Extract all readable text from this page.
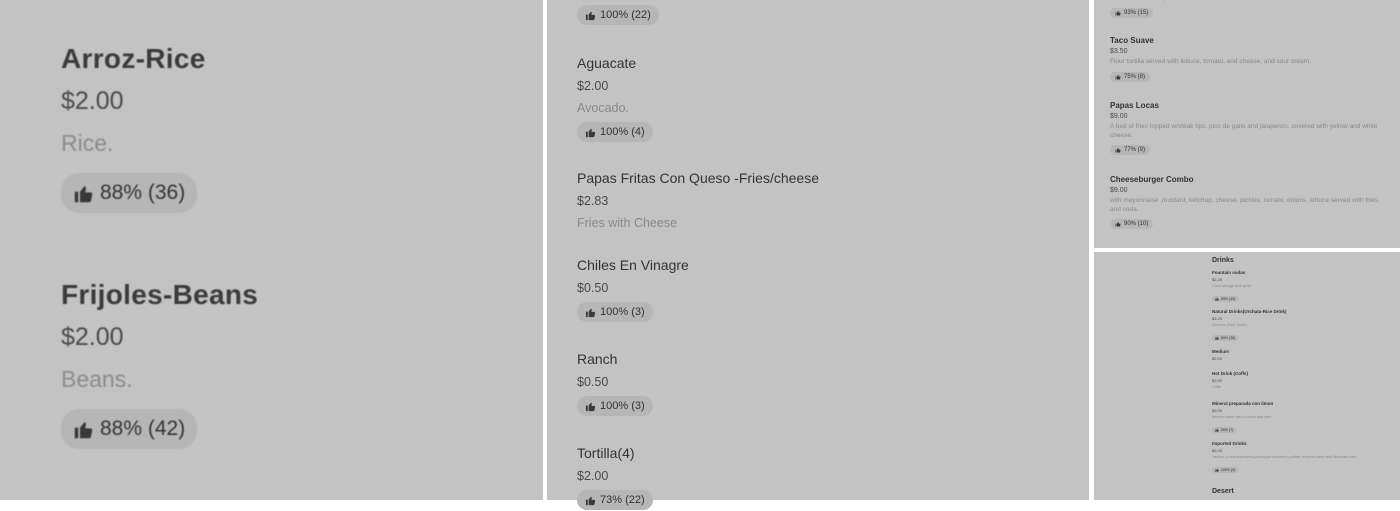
Arroz-Rice
$2.00
Rice.
88% (36)
Frijoles-Beans
$2.00
Beans.
88% (42)
100% (22)
Aguacate
$2.00
Avocado.
100% (4)
Papas Fritas Con Queso -Fries/cheese
$2.83
Fries with Cheese
Chiles En Vinagre
$0.50
100% (3)
Ranch
$0.50
100% (3)
Tortilla(4)
$2.00
73% (22)
93% (15)
Taco Suave
$3.50
Flour tortilla served with lettuce, tomato, and cheese, and sour cream.
75% (8)
Papas Locas
$9.00
A bed of fries topped w/steak tips, pico de gallo and jalapenos, covered with yellow and white cheese.
77% (9)
Cheeseburger Combo
$9.00
with mayonnaise ,mustard, ketchup, cheese, pickles, tomato, onions, lettuce served with fries, and soda.
90% (10)
Drinks
Fountain sodas
$2.25
Coke,orange and sprite
86% (44)
Natural Drinks(Orchata-Rice Drink)
$3.25
Orchata (Rice Drink)
86% (38)
Medium
$2.00
Hot Drink (Coffe)
$2.00
Coffe
Mineral preparada con limon
$3.00
Mineral water with chamoi and lime
86% (7)
Imported Drinks
$2.25
Jarritos (Lima,mandarina,pineapple,tamarind),coffee, mineral water and Mexican coke
100% (3)
Desert
